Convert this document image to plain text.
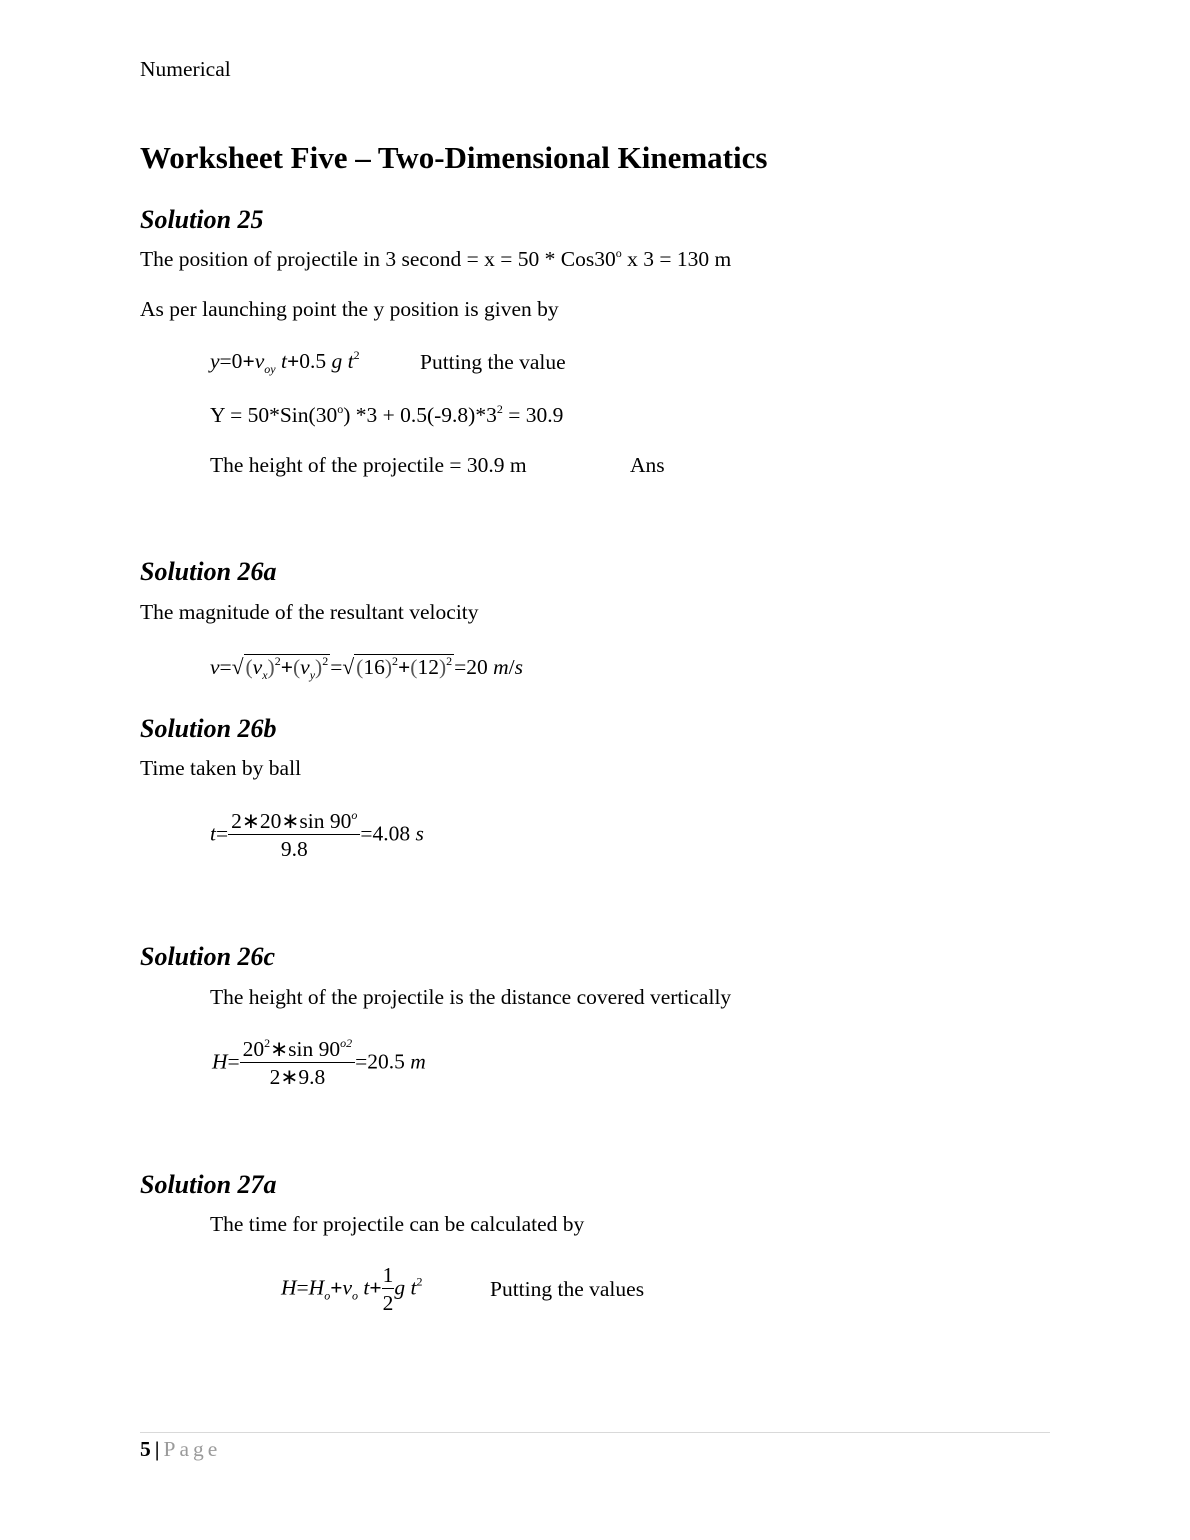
Numerical
Worksheet Five – Two-Dimensional Kinematics
Solution 25
The position of projectile in 3 second = x = 50 * Cos30$^o$ x 3 = 130 m
As per launching point the y position is given by
$y=0+v_{oy}$ t+0.5 g $t^2$	Putting the value
$Y = 50*Sin(30^o) *3 + 0.5(-9.8)*3^2 = 30.9$
The height of the projectile = 30.9 m	Ans
Solution 26a
The magnitude of the resultant velocity
$v=√(v_x)^2+(v_y)^2=√(16)^2+(12)^2=20$ m/s
Solution 26b
Time taken by ball
$t= \frac{2∗20∗\sin 90^o}{9.8} =4.08$ s
Solution 26c
The height of the projectile is the distance covered vertically
$H= \frac{20^2∗\sin 90^{o2}}{2∗9.8} =20.5$ m
Solution 27a
The time for projectile can be calculated by
$H=H_o+v_o$ $t+ \frac{1}{2}$ g $t^2$	Putting the values
5 | Page
